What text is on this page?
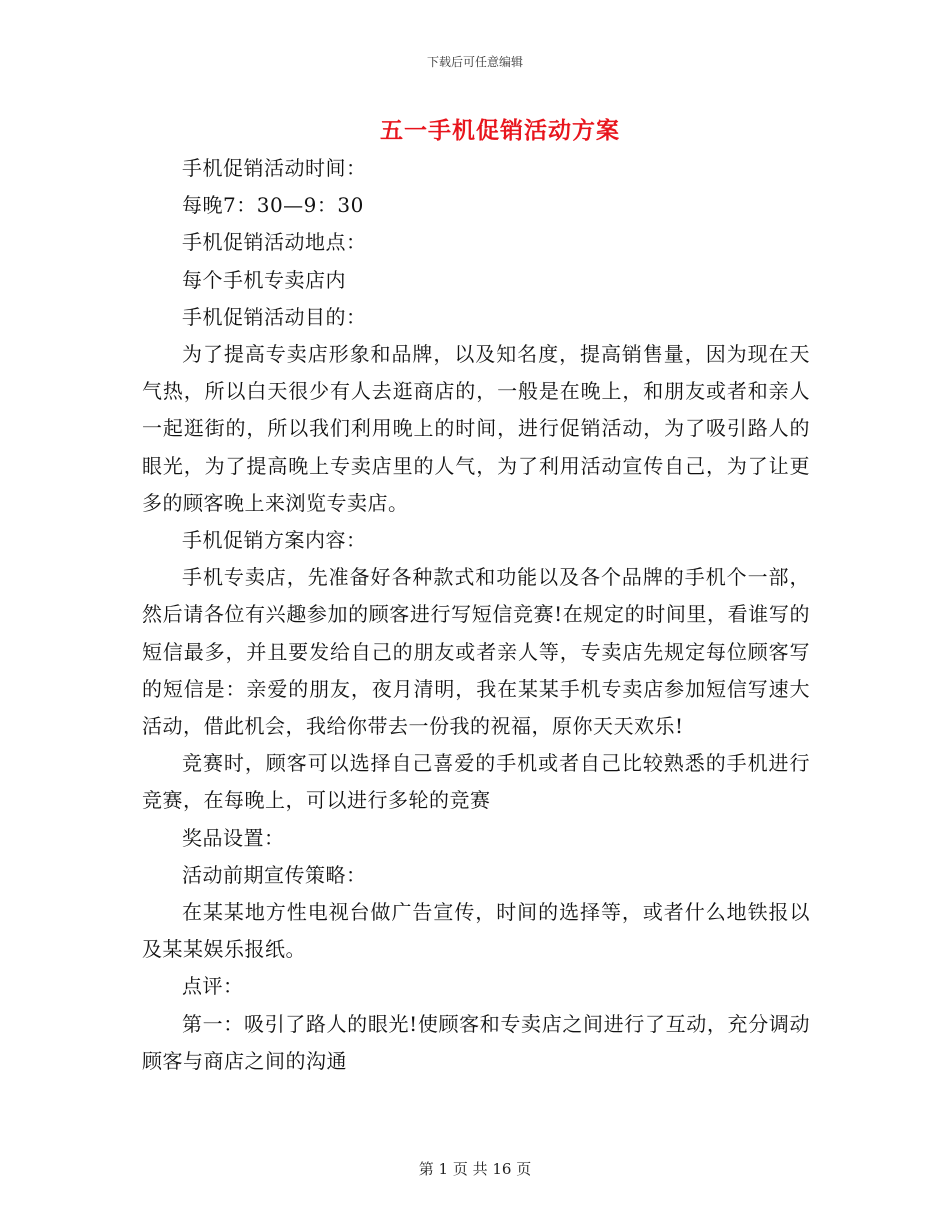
下载后可任意编辑
五一手机促销活动方案

手机促销活动时间：

每晚7：30—9：30

手机促销活动地点：

每个手机专卖店内

手机促销活动目的：

为了提高专卖店形象和品牌，以及知名度，提高销售量，因为现在天气热，所以白天很少有人去逛商店的，一般是在晚上，和朋友或者和亲人一起逛街的，所以我们利用晚上的时间，进行促销活动，为了吸引路人的眼光，为了提高晚上专卖店里的人气，为了利用活动宣传自己，为了让更多的顾客晚上来浏览专卖店。

手机促销方案内容：

手机专卖店，先准备好各种款式和功能以及各个品牌的手机个一部，然后请各位有兴趣参加的顾客进行写短信竞赛!在规定的时间里，看谁写的短信最多，并且要发给自己的朋友或者亲人等，专卖店先规定每位顾客写的短信是：亲爱的朋友，夜月清明，我在某某手机专卖店参加短信写速大活动，借此机会，我给你带去一份我的祝福，原你天天欢乐!

竞赛时，顾客可以选择自己喜爱的手机或者自己比较熟悉的手机进行竞赛，在每晚上，可以进行多轮的竞赛

奖品设置：

活动前期宣传策略：

在某某地方性电视台做广告宣传，时间的选择等，或者什么地铁报以及某某娱乐报纸。

点评：

第一：吸引了路人的眼光!使顾客和专卖店之间进行了互动，充分调动顾客与商店之间的沟通

第 1 页 共 16 页
